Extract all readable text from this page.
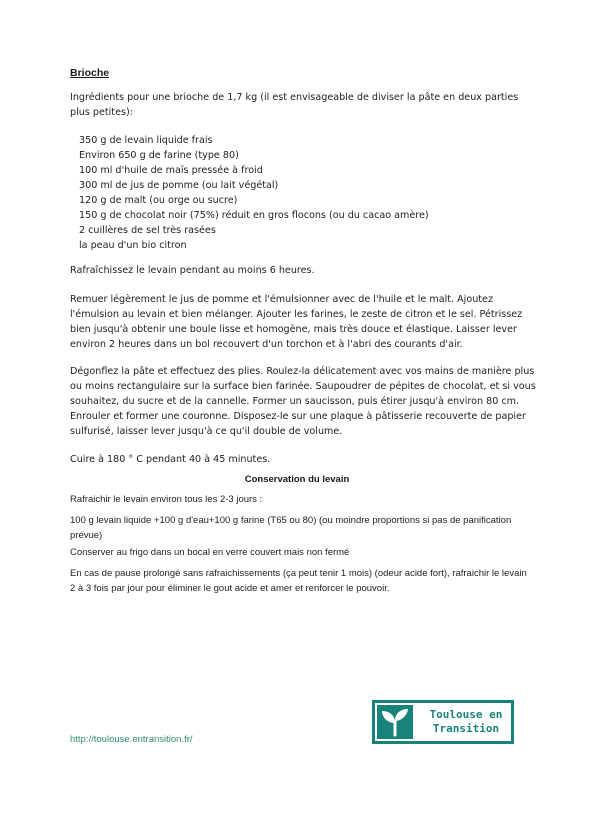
Brioche
Ingrédients pour une brioche de 1,7 kg (il est envisageable de diviser la pâte en deux parties plus petites):
350 g de levain liquide frais
Environ 650 g de farine (type 80)
100 ml d'huile de maïs pressée à froid
300 ml de jus de pomme (ou lait végétal)
120 g de malt (ou orge ou sucre)
150 g de chocolat noir (75%) réduit en gros flocons (ou du cacao amère)
2 cuillères de sel très rasées
la peau d'un bio citron
Rafraîchissez le levain pendant au moins 6 heures.
Remuer légèrement le jus de pomme et l'émulsionner avec de l'huile et le malt. Ajoutez l'émulsion au levain et bien mélanger. Ajouter les farines, le zeste de citron et le sel. Pétrissez bien jusqu'à obtenir une boule lisse et homogène, mais très douce et élastique. Laisser lever environ 2 heures dans un bol recouvert d'un torchon et à l'abri des courants d'air.
Dégonflez la pâte et effectuez des plies. Roulez-la délicatement avec vos mains de manière plus ou moins rectangulaire sur la surface bien farinée. Saupoudrer de pépites de chocolat, et si vous souhaitez, du sucre et de la cannelle. Former un saucisson, puis étirer jusqu'à environ 80 cm. Enrouler et former une couronne. Disposez-le sur une plaque à pâtisserie recouverte de papier sulfurisé, laisser lever jusqu'à ce qu'il double de volume.
Cuire à 180 ° C pendant 40 à 45 minutes.
Conservation du levain
Rafraichir le levain environ tous les 2-3 jours :
100 g levain liquide +100 g d'eau+100 g farine (T65 ou 80) (ou moindre proportions si pas de panification prévue)
Conserver au frigo dans un bocal en verre couvert mais non fermé
En cas de pause prolongé sans rafraichissements (ça peut tenir 1 mois) (odeur acide fort), rafraichir le levain 2 à 3 fois par jour pour éliminer le gout acide et amer et renforcer le pouvoir.
http://toulouse.entransition.fr/
Toulouse en
Transition
